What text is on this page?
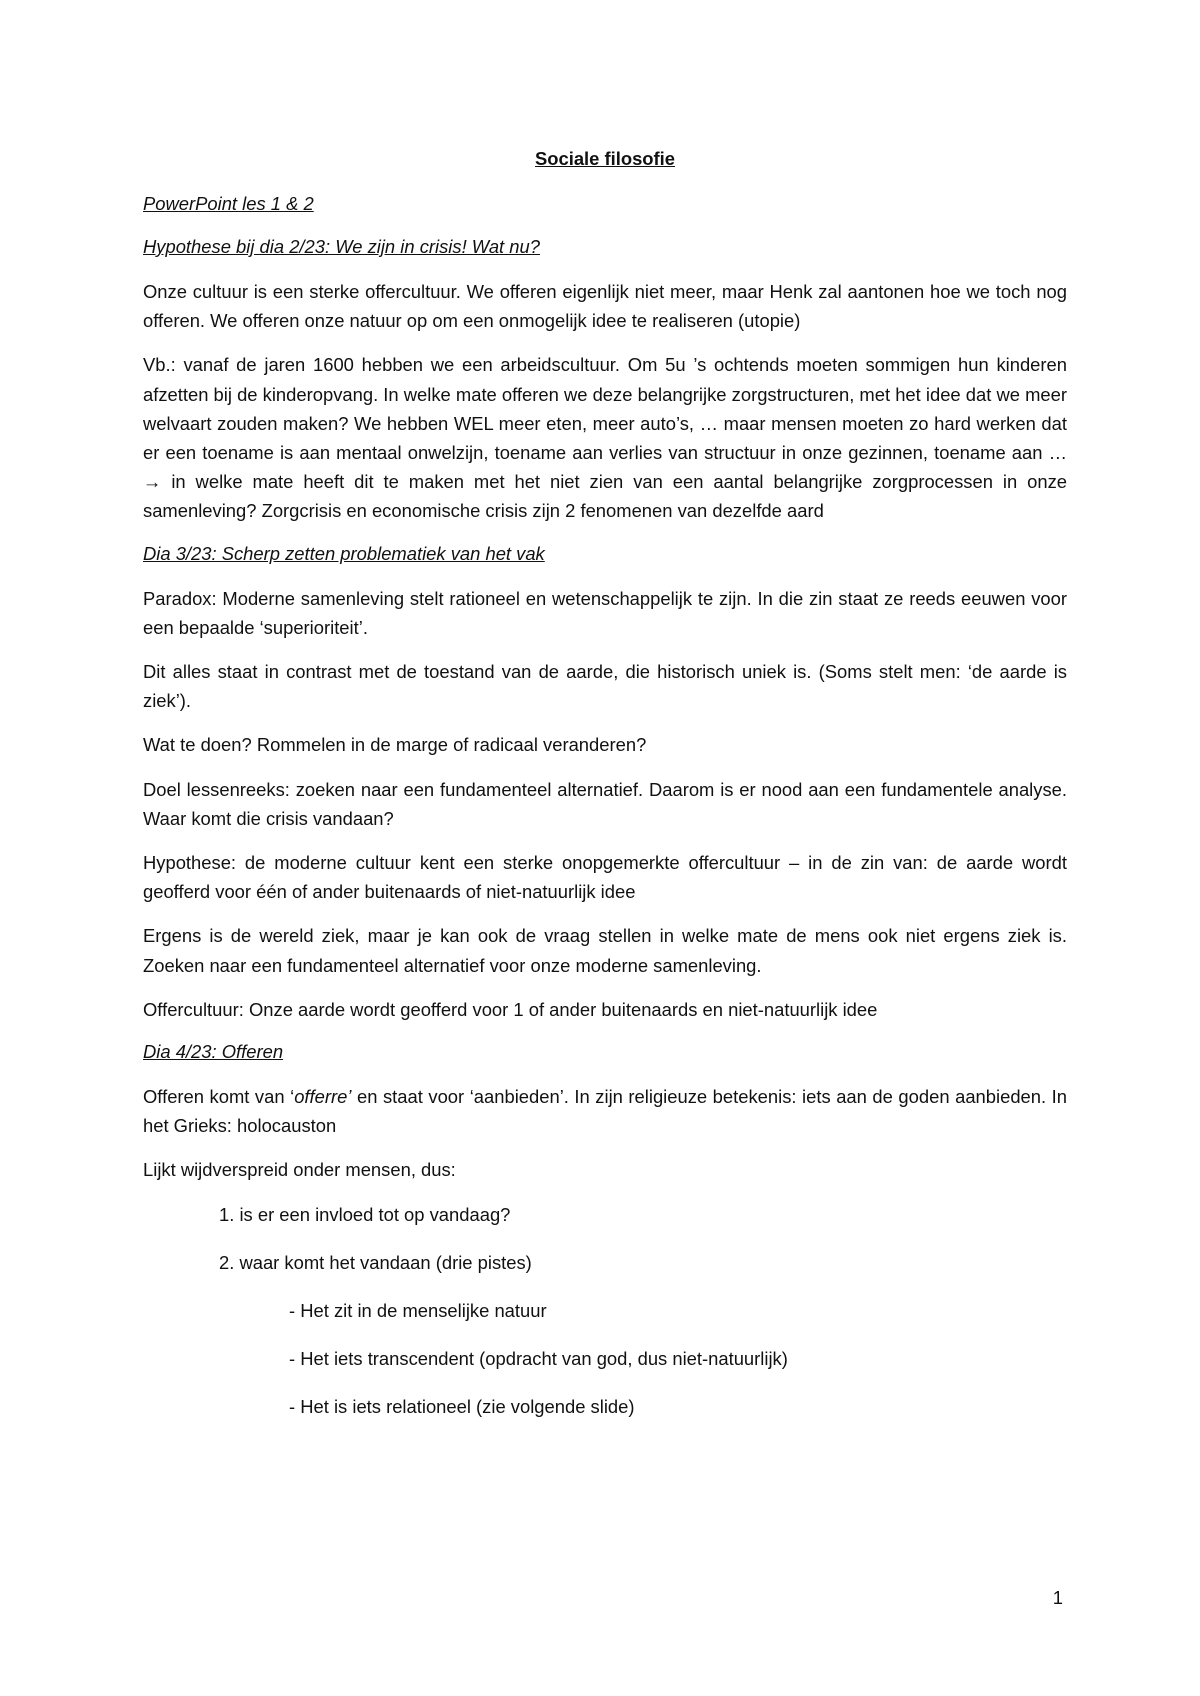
Sociale filosofie
PowerPoint les 1 & 2
Hypothese bij dia 2/23: We zijn in crisis! Wat nu?

Onze cultuur is een sterke offercultuur. We offeren eigenlijk niet meer, maar Henk zal aantonen hoe we toch nog offeren. We offeren onze natuur op om een onmogelijk idee te realiseren (utopie)

Vb.: vanaf de jaren 1600 hebben we een arbeidscultuur. Om 5u ’s ochtends moeten sommigen hun kinderen afzetten bij de kinderopvang. In welke mate offeren we deze belangrijke zorgstructuren, met het idee dat we meer welvaart zouden maken? We hebben WEL meer eten, meer auto’s, … maar mensen moeten zo hard werken dat er een toename is aan mentaal onwelzijn, toename aan verlies van structuur in onze gezinnen, toename aan … → in welke mate heeft dit te maken met het niet zien van een aantal belangrijke zorgprocessen in onze samenleving? Zorgcrisis en economische crisis zijn 2 fenomenen van dezelfde aard

Dia 3/23: Scherp zetten problematiek van het vak

Paradox: Moderne samenleving stelt rationeel en wetenschappelijk te zijn. In die zin staat ze reeds eeuwen voor een bepaalde ‘superioriteit’.

Dit alles staat in contrast met de toestand van de aarde, die historisch uniek is. (Soms stelt men: ‘de aarde is ziek’).

Wat te doen? Rommelen in de marge of radicaal veranderen?

Doel lessenreeks: zoeken naar een fundamenteel alternatief. Daarom is er nood aan een fundamentele analyse. Waar komt die crisis vandaan?

Hypothese: de moderne cultuur kent een sterke onopgemerkte offercultuur – in de zin van: de aarde wordt geofferd voor één of ander buitenaards of niet-natuurlijk idee

Ergens is de wereld ziek, maar je kan ook de vraag stellen in welke mate de mens ook niet ergens ziek is. Zoeken naar een fundamenteel alternatief voor onze moderne samenleving.

Offercultuur: Onze aarde wordt geofferd voor 1 of ander buitenaards en niet-natuurlijk idee

Dia 4/23: Offeren

Offeren komt van ‘offerre’ en staat voor ‘aanbieden’. In zijn religieuze betekenis: iets aan de goden aanbieden. In het Grieks: holocauston

Lijkt wijdverspreid onder mensen, dus:

1. is er een invloed tot op vandaag?
2. waar komt het vandaan (drie pistes)
- Het zit in de menselijke natuur
- Het iets transcendent (opdracht van god, dus niet-natuurlijk)
- Het is iets relationeel (zie volgende slide)
1
